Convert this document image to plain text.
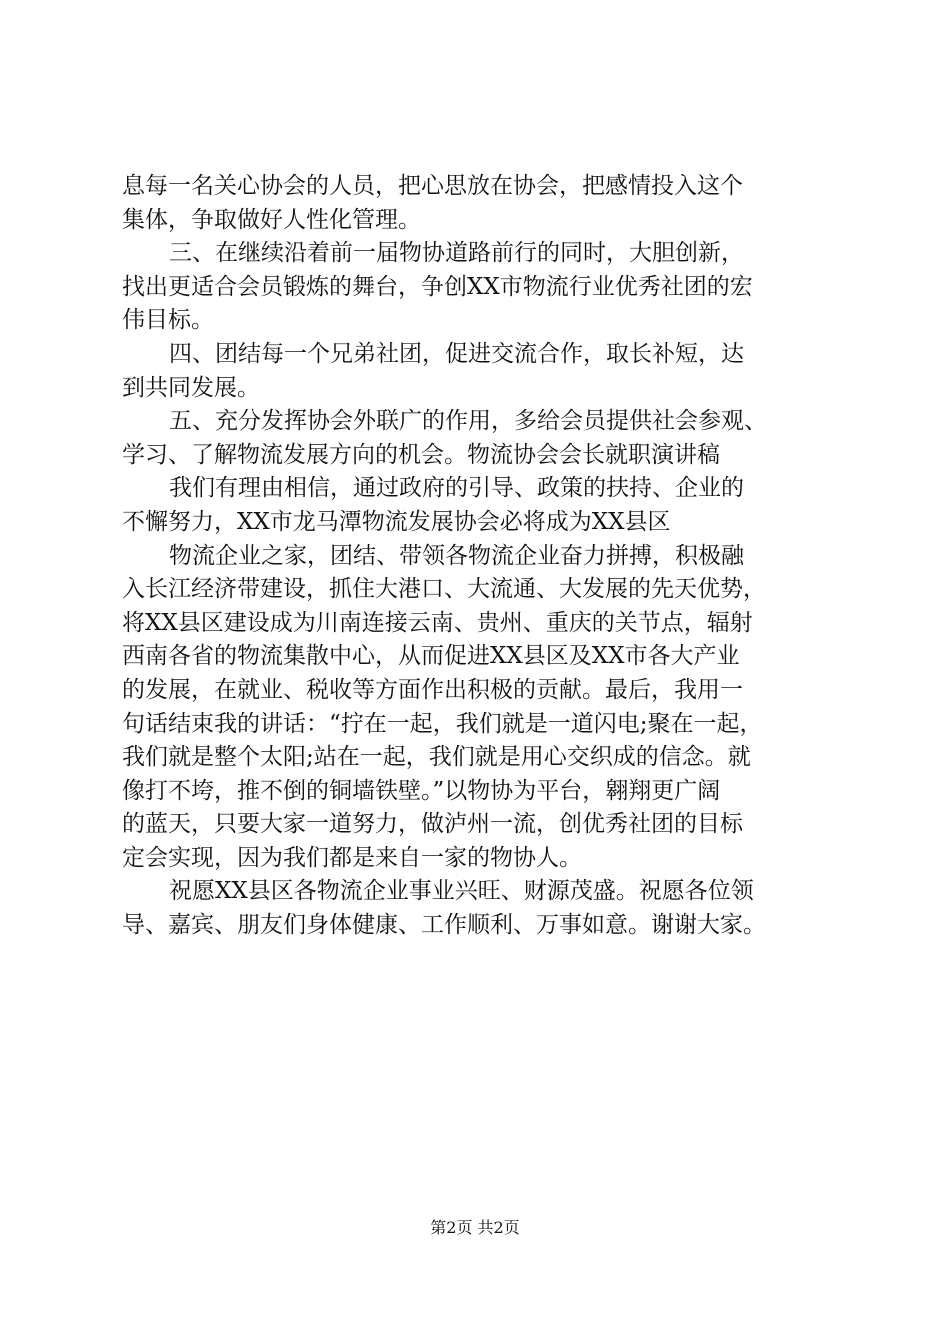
息每一名关心协会的人员，把心思放在协会，把感情投入这个
集体，争取做好人性化管理。
三、在继续沿着前一届物协道路前行的同时，大胆创新，
找出更适合会员锻炼的舞台，争创XX市物流行业优秀社团的宏
伟目标。
四、团结每一个兄弟社团，促进交流合作，取长补短，达
到共同发展。
五、充分发挥协会外联广的作用，多给会员提供社会参观、
学习、了解物流发展方向的机会。物流协会会长就职演讲稿
我们有理由相信，通过政府的引导、政策的扶持、企业的
不懈努力，XX市龙马潭物流发展协会必将成为XX县区
物流企业之家，团结、带领各物流企业奋力拼搏，积极融
入长江经济带建设，抓住大港口、大流通、大发展的先天优势，
将XX县区建设成为川南连接云南、贵州、重庆的关节点，辐射
西南各省的物流集散中心，从而促进XX县区及XX市各大产业
的发展，在就业、税收等方面作出积极的贡献。最后，我用一
句话结束我的讲话：“拧在一起，我们就是一道闪电;聚在一起，
我们就是整个太阳;站在一起，我们就是用心交织成的信念。就
像打不垮，推不倒的铜墙铁壁。”以物协为平台，翱翔更广阔
的蓝天，只要大家一道努力，做泸州一流，创优秀社团的目标
定会实现，因为我们都是来自一家的物协人。
祝愿XX县区各物流企业事业兴旺、财源茂盛。祝愿各位领
导、嘉宾、朋友们身体健康、工作顺利、万事如意。谢谢大家。
第2页 共2页
